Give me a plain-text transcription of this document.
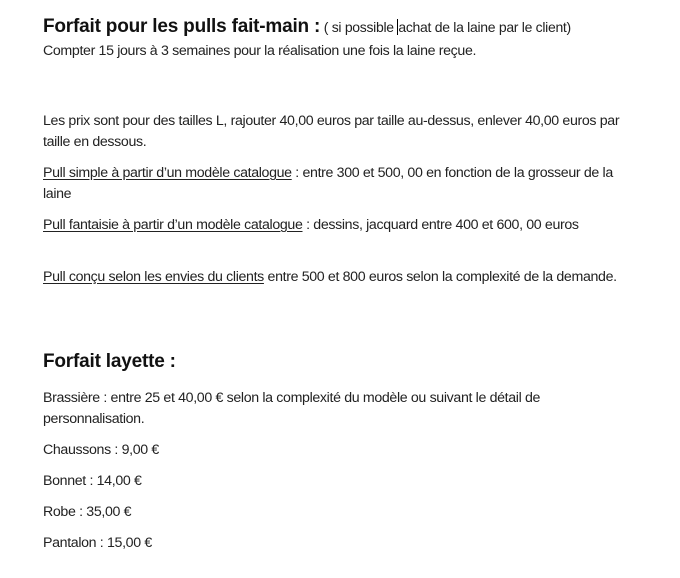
Forfait pour les pulls fait-main : ( si possible achat de la laine par le client)
Compter 15 jours à 3 semaines pour la réalisation une fois la laine reçue.
Les prix sont pour des tailles L, rajouter 40,00 euros par taille au-dessus, enlever 40,00 euros par taille en dessous.
Pull simple à partir d’un modèle catalogue : entre 300 et 500, 00 en fonction de la grosseur de la laine
Pull fantaisie à partir d’un modèle catalogue : dessins, jacquard entre 400 et 600, 00 euros
Pull conçu selon les envies du clients entre 500 et 800 euros selon la complexité de la demande.
Forfait layette :
Brassière : entre 25 et 40,00 € selon la complexité du modèle ou suivant le détail de personnalisation.
Chaussons : 9,00 €
Bonnet : 14,00 €
Robe : 35,00 €
Pantalon : 15,00 €
